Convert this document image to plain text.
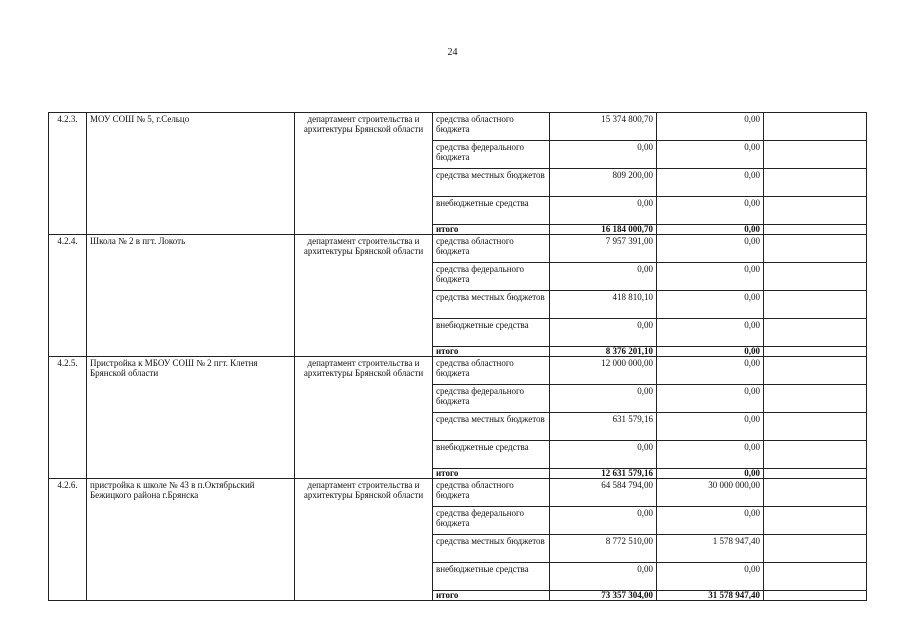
24
4.2.3.	МОУ СОШ № 5, г.Сельцо	департамент строительства и архитектуры Брянской области	средства областного бюджета	15 374 800,70	0,00	
			средства федерального бюджета	0,00	0,00	
			средства местных бюджетов	809 200,00	0,00	
			внебюджетные средства	0,00	0,00	
			итого	16 184 000,70	0,00	
4.2.4.	Школа № 2 в пгт. Локоть	департамент строительства и архитектуры Брянской области	средства областного бюджета	7 957 391,00	0,00	
			средства федерального бюджета	0,00	0,00	
			средства местных бюджетов	418 810,10	0,00	
			внебюджетные средства	0,00	0,00	
			итого	8 376 201,10	0,00	
4.2.5.	Пристройка к МБОУ СОШ № 2 пгт. Клетня Брянской области	департамент строительства и архитектуры Брянской области	средства областного бюджета	12 000 000,00	0,00	
			средства федерального бюджета	0,00	0,00	
			средства местных бюджетов	631 579,16	0,00	
			внебюджетные средства	0,00	0,00	
			итого	12 631 579,16	0,00	
4.2.6.	пристройка к школе № 43 в п.Октябрьский Бежицкого района г.Брянска	департамент строительства и архитектуры Брянской области	средства областного бюджета	64 584 794,00	30 000 000,00	
			средства федерального бюджета	0,00	0,00	
			средства местных бюджетов	8 772 510,00	1 578 947,40	
			внебюджетные средства	0,00	0,00	
			итого	73 357 304,00	31 578 947,40	
